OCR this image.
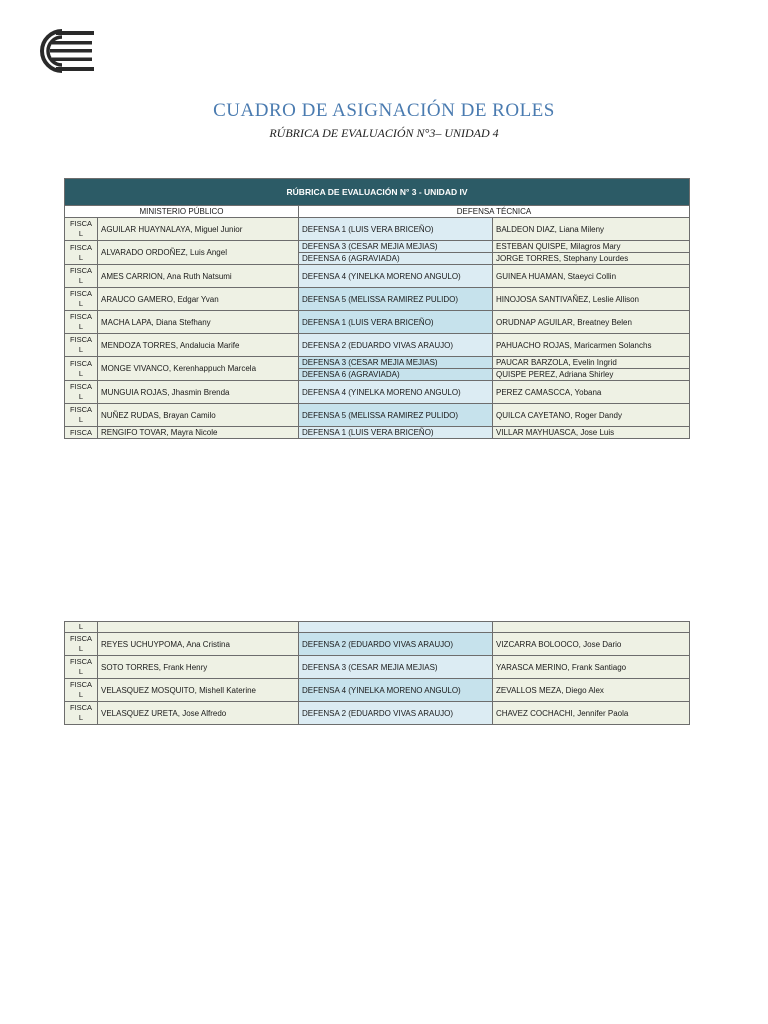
CUADRO DE ASIGNACIÓN DE ROLES
RÚBRICA DE EVALUACIÓN N°3– UNIDAD 4
RÚBRICA DE EVALUACIÓN N° 3 - UNIDAD IV			
MINISTERIO PÚBLICO		DEFENSA TÉCNICA	
FISCA
L	AGUILAR HUAYNALAYA, Miguel Junior	DEFENSA 1 (LUIS VERA BRICEÑO)	BALDEON DIAZ, Liana Mileny
FISCA
L	ALVARADO ORDOÑEZ, Luis Angel	DEFENSA 3 (CESAR MEJIA MEJIAS)	ESTEBAN QUISPE, Milagros Mary
		DEFENSA 6 (AGRAVIADA)	JORGE TORRES, Stephany Lourdes
FISCA
L	AMES CARRION, Ana Ruth Natsumi	DEFENSA 4 (YINELKA MORENO ANGULO)	GUINEA HUAMAN, Staeyci Collin
FISCA
L	ARAUCO GAMERO, Edgar Yvan	DEFENSA 5 (MELISSA RAMIREZ PULIDO)	HINOJOSA SANTIVAÑEZ, Leslie Allison
FISCA
L	MACHA LAPA, Diana Stefhany	DEFENSA 1 (LUIS VERA BRICEÑO)	ORUDNAP AGUILAR, Breatney Belen
FISCA
L	MENDOZA TORRES, Andalucia Marife	DEFENSA 2 (EDUARDO VIVAS ARAUJO)	PAHUACHO ROJAS, Maricarmen Solanchs
FISCA
L	MONGE VIVANCO, Kerenhappuch Marcela	DEFENSA 3 (CESAR MEJIA MEJIAS)	PAUCAR BARZOLA, Evelin Ingrid
		DEFENSA 6 (AGRAVIADA)	QUISPE PEREZ, Adriana Shirley
FISCA
L	MUNGUIA ROJAS, Jhasmin Brenda	DEFENSA 4 (YINELKA MORENO ANGULO)	PEREZ CAMASCCA, Yobana
FISCA
L	NUÑEZ RUDAS, Brayan Camilo	DEFENSA 5 (MELISSA RAMIREZ PULIDO)	QUILCA CAYETANO, Roger Dandy
FISCA	RENGIFO TOVAR, Mayra Nicole	DEFENSA 1 (LUIS VERA BRICEÑO)	VILLAR MAYHUASCA, Jose Luis
L			
FISCA
L	REYES UCHUYPOMA, Ana Cristina	DEFENSA 2 (EDUARDO VIVAS ARAUJO)	VIZCARRA BOLOOCO, Jose Dario
FISCA
L	SOTO TORRES, Frank Henry	DEFENSA 3 (CESAR MEJIA MEJIAS)	YARASCA MERINO, Frank Santiago
FISCA
L	VELASQUEZ MOSQUITO, Mishell Katerine	DEFENSA 4 (YINELKA MORENO ANGULO)	ZEVALLOS MEZA, Diego Alex
FISCA
L	VELASQUEZ URETA, Jose Alfredo	DEFENSA 2 (EDUARDO VIVAS ARAUJO)	CHAVEZ COCHACHI, Jennifer Paola
